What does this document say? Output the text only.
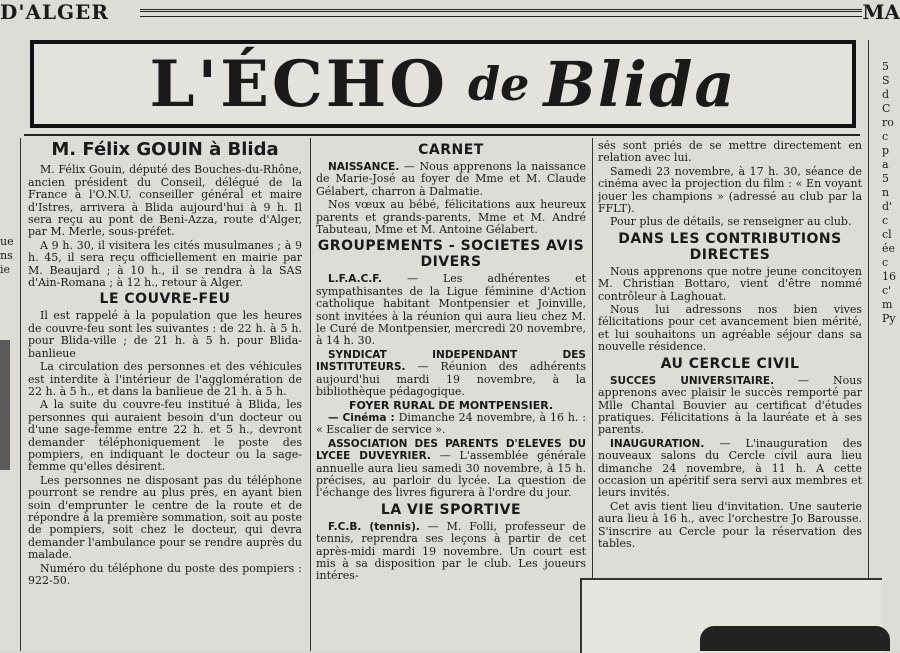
D'ALGER	MA
L'ÉCHO de Blida
ue
ns
ie
M. Félix GOUIN à Blida

M. Félix Gouin, député des Bouches-du-Rhône, ancien président du Conseil, délégué de la France à l'O.N.U. conseiller général et maire d'Istres, arrivera à Blida aujourd'hui à 9 h. Il sera reçu au pont de Beni-Azza, route d'Alger, par M. Merle, sous-préfet.

A 9 h. 30, il visitera les cités musulmanes ; à 9 h. 45, il sera reçu officiellement en mairie par M. Beaujard ; à 10 h., il se rendra à la SAS d'Ain-Romana ; à 12 h., retour à Alger.

LE COUVRE-FEU

Il est rappelé à la population que les heures de couvre-feu sont les suivantes : de 22 h. à 5 h. pour Blida-ville ; de 21 h. à 5 h. pour Blida-banlieue

La circulation des personnes et des véhicules est interdite à l'intérieur de l'agglomération de 22 h. à 5 h., et dans la banlieue de 21 h. à 5 h.

A la suite du couvre-feu institué à Blida, les personnes qui auraient besoin d'un docteur ou d'une sage-femme entre 22 h. et 5 h., devront demander téléphoniquement le poste des pompiers, en indiquant le docteur ou la sage-femme qu'elles désirent.

Les personnes ne disposant pas du téléphone pourront se rendre au plus près, en ayant bien soin d'emprunter le centre de la route et de répondre à la première sommation, soit au poste de pompiers, soit chez le docteur, qui devra demander l'ambulance pour se rendre auprès du malade.

Numéro du téléphone du poste des pompiers : 922-50.

CARNET

NAISSANCE. — Nous apprenons la naissance de Marie-José au foyer de Mme et M. Claude Gélabert, charron à Dalmatie.

Nos vœux au bébé, félicitations aux heureux parents et grands-parents, Mme et M. André Tabuteau, Mme et M. Antoine Gélabert.

GROUPEMENTS - SOCIETES AVIS DIVERS

L.F.A.C.F. — Les adhérentes et sympathisantes de la Ligue féminine d'Action catholique habitant Montpensier et Joinville, sont invitées à la réunion qui aura lieu chez M. le Curé de Montpensier, mercredi 20 novembre, à 14 h. 30.

SYNDICAT INDEPENDANT DES INSTITUTEURS. — Réunion des adhérents aujourd'hui mardi 19 novembre, à la bibliothèque pédagogique.

FOYER RURAL DE MONTPENSIER.

— Cinéma : Dimanche 24 novembre, à 16 h. : « Escalier de service ».

ASSOCIATION DES PARENTS D'ELEVES DU LYCEE DUVEYRIER. — L'assemblée générale annuelle aura lieu samedi 30 novembre, à 15 h. précises, au parloir du lycée. La question de l'échange des livres figurera à l'ordre du jour.

LA VIE SPORTIVE

F.C.B. (tennis). — M. Folli, professeur de tennis, reprendra ses leçons à partir de cet après-midi mardi 19 novembre. Un court est mis à sa disposition par le club. Les joueurs intéres-

sés sont priés de se mettre directement en relation avec lui.

Samedi 23 novembre, à 17 h. 30, séance de cinéma avec la projection du film : « En voyant jouer les champions » (adressé au club par la FFLT).

Pour plus de détails, se renseigner au club.

DANS LES CONTRIBUTIONS DIRECTES

Nous apprenons que notre jeune concitoyen M. Christian Bottaro, vient d'être nommé contrôleur à Laghouat.

Nous lui adressons nos bien vives félicitations pour cet avancement bien mérité, et lui souhaitons un agréable séjour dans sa nouvelle résidence.

AU CERCLE CIVIL

SUCCES UNIVERSITAIRE. — Nous apprenons avec plaisir le succès remporté par Mlle Chantal Bouvier au certificat d'études pratiques. Félicitations à la lauréate et à ses parents.

INAUGURATION. — L'inauguration des nouveaux salons du Cercle civil aura lieu dimanche 24 novembre, à 11 h. A cette occasion un apéritif sera servi aux membres et leurs invités.

Cet avis tient lieu d'invitation. Une sauterie aura lieu à 16 h., avec l'orchestre Jo Barousse. S'inscrire au Cercle pour la réservation des tables.

5
S
d
C
ro
c
p
a
5
n
d'
c
cl
ée
c
16
c'
m
Py
